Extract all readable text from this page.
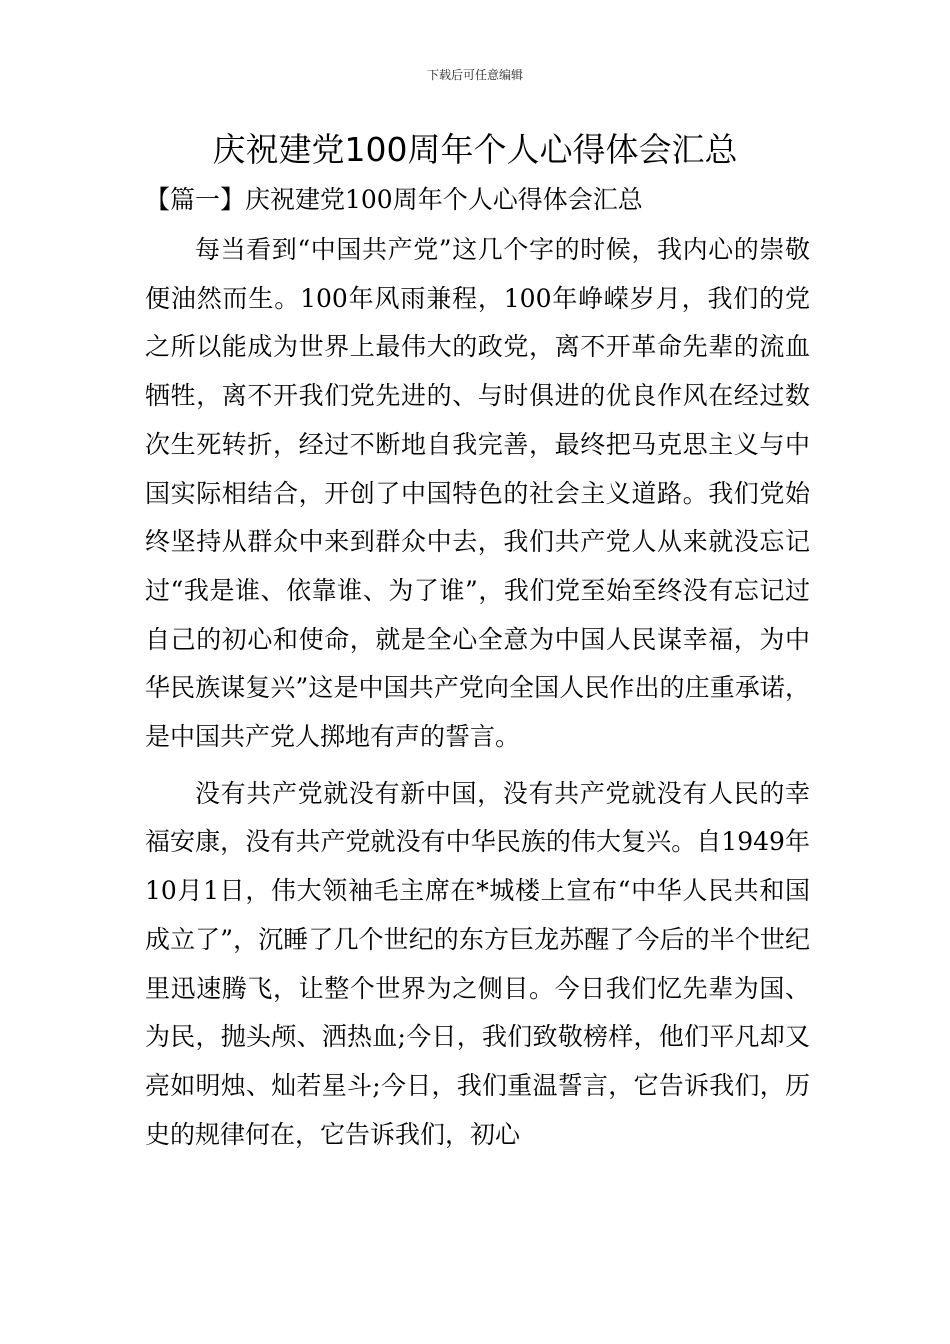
下载后可任意编辑
庆祝建党100周年个人心得体会汇总
【篇一】庆祝建党100周年个人心得体会汇总

每当看到“中国共产党”这几个字的时候，我内心的崇敬便油然而生。100年风雨兼程，100年峥嵘岁月，我们的党之所以能成为世界上最伟大的政党，离不开革命先辈的流血牺牲，离不开我们党先进的、与时俱进的优良作风在经过数次生死转折，经过不断地自我完善，最终把马克思主义与中国实际相结合，开创了中国特色的社会主义道路。我们党始终坚持从群众中来到群众中去，我们共产党人从来就没忘记过“我是谁、依靠谁、为了谁”，我们党至始至终没有忘记过自己的初心和使命，就是全心全意为中国人民谋幸福，为中华民族谋复兴”这是中国共产党向全国人民作出的庄重承诺，是中国共产党人掷地有声的誓言。

没有共产党就没有新中国，没有共产党就没有人民的幸福安康，没有共产党就没有中华民族的伟大复兴。自1949年10月1日，伟大领袖毛主席在*城楼上宣布“中华人民共和国成立了”，沉睡了几个世纪的东方巨龙苏醒了今后的半个世纪里迅速腾飞，让整个世界为之侧目。今日我们忆先辈为国、为民，抛头颅、洒热血;今日，我们致敬榜样，他们平凡却又亮如明烛、灿若星斗;今日，我们重温誓言，它告诉我们，历史的规律何在，它告诉我们，初心
